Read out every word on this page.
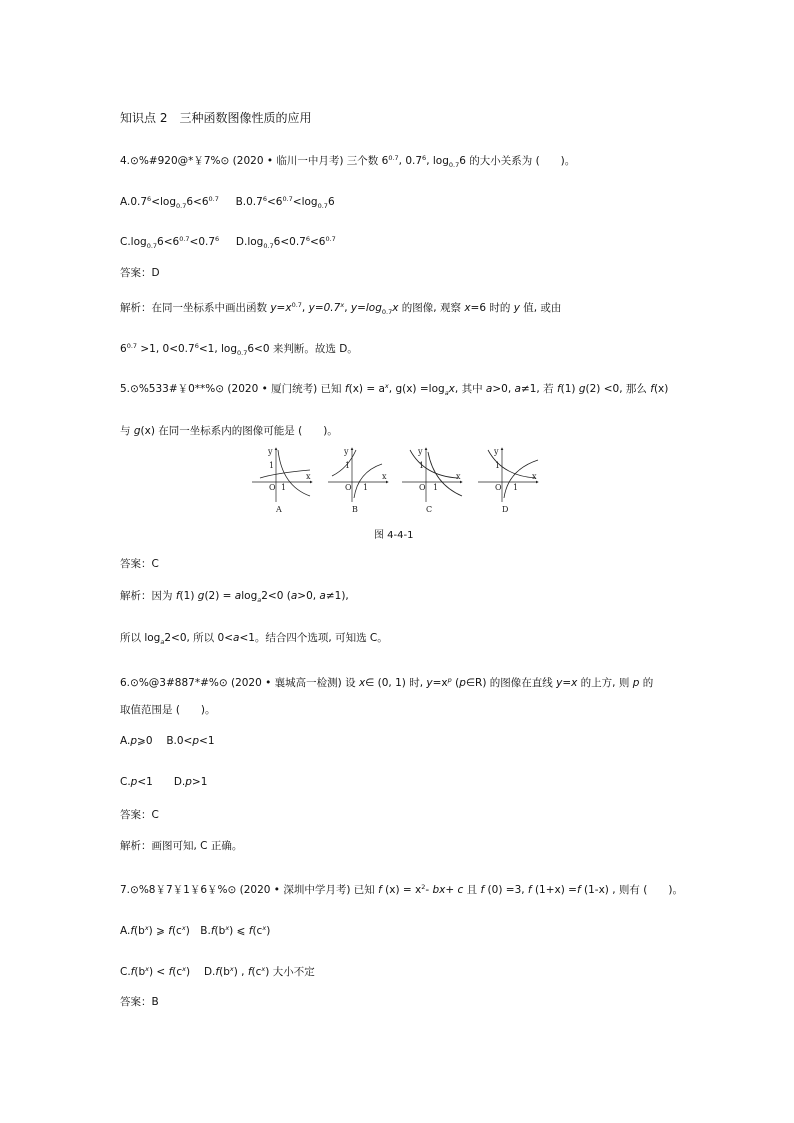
知识点 2　三种函数图像性质的应用
4.⊙%#920@*￥7%⊙ (2020 • 临川一中月考) 三个数 $6^{0.7}$, $0.7^6$, $\log_{0.7}6$ 的大小关系为 (　　)。
$A.0.7^6<\log_{0.7}6<6^{0.7}$ $B.0.7^6<6^{0.7}<\log_{0.7}6$
$C.\log_{0.7}6<6^{0.7}<0.7^6$ $D.\log_{0.7}6<0.7^6<6^{0.7}$
答案：D
解析：在同一坐标系中画出函数 $y=x^{0.7}$, $y=0.7^x$, $y=\log_{0.7}x$ 的图像, 观察 x=6 时的 y 值, 或由
$6^{0.7} >1$, $0<0.7^6<1$, $\log_{0.7}6<0$ 来判断。故选 D。
5.⊙%533#￥0**%⊙ (2020 • 厦门统考) 已知 $f(x) = a^x$, $g(x) =\log_ax$, 其中 a>0, a≠1, 若 f(1) g(2) <0, 那么 f(x)
与 g(x) 在同一坐标系内的图像可能是 (　　)。
y
x
O
1
1
A
y
x
O
1
1
B
y
x
O
1
1
C
y
x
O
1
1
D
图 4-4-1
答案：C
解析：因为 f(1) g(2) = alog$_a$2<0 (a>0, a≠1),
所以 $\log_a2<0$, 所以 0<a<1。结合四个选项, 可知选 C。
6.⊙%@3#887*#%⊙ (2020 • 襄城高一检测) 设 x∈ (0, 1) 时, $y=x^p$ (p∈R) 的图像在直线 y=x 的上方, 则 p 的
取值范围是 (　　)。
A.p⩾0　 B.0<p<1
C.p<1　　D.p>1
答案：C
解析：画图可知, C 正确。
7.⊙%8￥7￥1￥6￥%⊙ (2020 • 深圳中学月考) 已知 f $(x) = x^2-$ bx+ c 且 f (0) =3, f (1+x) =f (1-x) , 则有 (　　)。
$A.f(b^x)$ ⩾ $f(c^x)$　$B.f(b^x)$ ⩽ $f(c^x)$
$C.f(b^x) < f(c^x)$　 $D.f(b^x)$ , $f(c^x)$ 大小不定
答案：B
